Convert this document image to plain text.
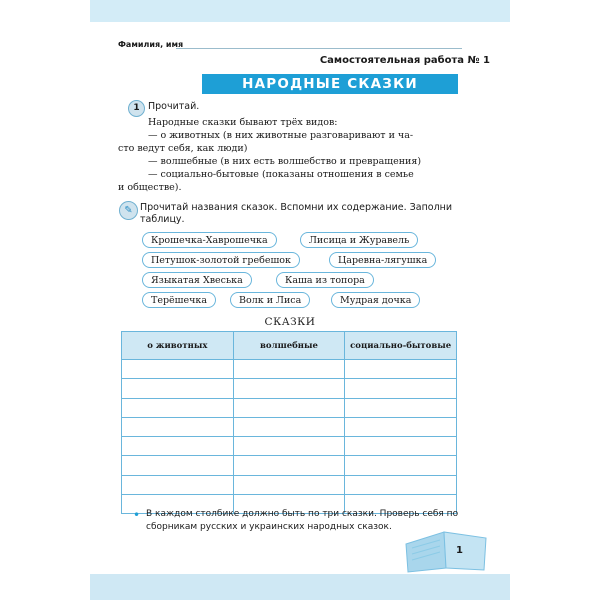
Фамилия, имя
Самостоятельная работа № 1
НАРОДНЫЕ СКАЗКИ
1 Прочитай.

Народные сказки бывают трёх видов:

— о животных (в них животные разговаривают и ча-

сто ведут себя, как люди)

— волшебные (в них есть волшебство и превращения)

— социально-бытовые (показаны отношения в семье

и обществе).

✎ Прочитай названия сказок. Вспомни их содержание. Заполни таблицу.
Крошечка-Хаврошечка	Лисица и Журавель
Петушок-золотой гребешок	Царевна-лягушка
Языкатая Хвеська	Каша из топора
Терёшечка	Волк и Лиса	Мудрая дочка
СКАЗКИ
о животных	волшебные	социально-бытовые

• В каждом столбике должно быть по три сказки. Проверь себя по сборникам русских и украинских народных сказок.
1
